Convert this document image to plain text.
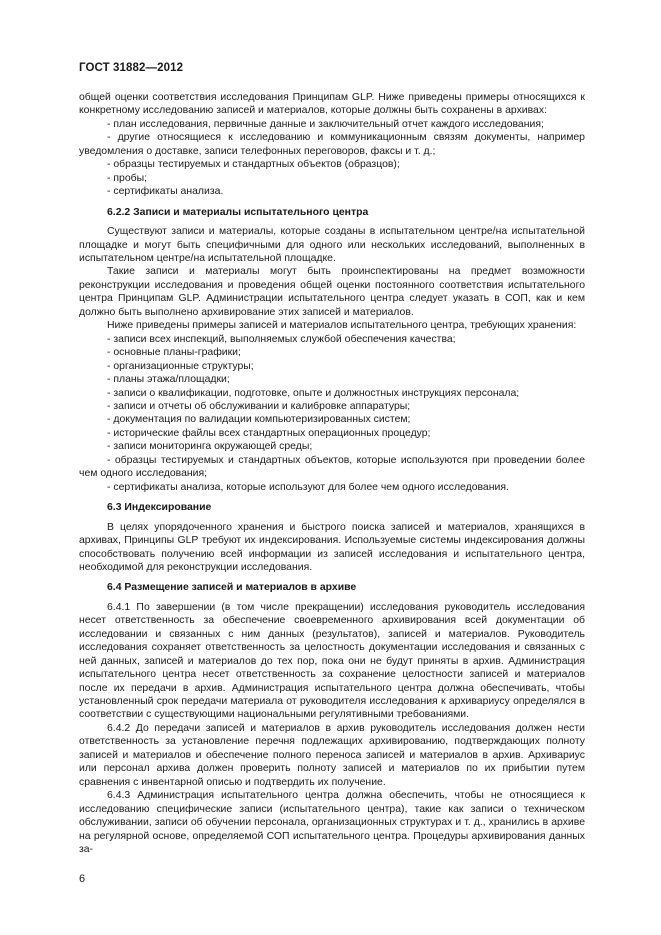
ГОСТ 31882—2012

общей оценки соответствия исследования Принципам GLP. Ниже приведены примеры относящихся к конкретному исследованию записей и материалов, которые должны быть сохранены в архивах:

- план исследования, первичные данные и заключительный отчет каждого исследования;

- другие относящиеся к исследованию и коммуникационным связям документы, например уведомления о доставке, записи телефонных переговоров, факсы и т. д.;

- образцы тестируемых и стандартных объектов (образцов);

- пробы;

- сертификаты анализа.

6.2.2 Записи и материалы испытательного центра

Существуют записи и материалы, которые созданы в испытательном центре/на испытательной площадке и могут быть специфичными для одного или нескольких исследований, выполненных в испытательном центре/на испытательной площадке.

Такие записи и материалы могут быть проинспектированы на предмет возможности реконструкции исследования и проведения общей оценки постоянного соответствия испытательного центра Принципам GLP. Администрации испытательного центра следует указать в СОП, как и кем должно быть выполнено архивирование этих записей и материалов.

Ниже приведены примеры записей и материалов испытательного центра, требующих хранения:

- записи всех инспекций, выполняемых службой обеспечения качества;

- основные планы-графики;

- организационные структуры;

- планы этажа/площадки;

- записи о квалификации, подготовке, опыте и должностных инструкциях персонала;

- записи и отчеты об обслуживании и калибровке аппаратуры;

- документация по валидации компьютеризированных систем;

- исторические файлы всех стандартных операционных процедур;

- записи мониторинга окружающей среды;

- образцы тестируемых и стандартных объектов, которые используются при проведении более чем одного исследования;

- сертификаты анализа, которые используют для более чем одного исследования.

6.3 Индексирование

В целях упорядоченного хранения и быстрого поиска записей и материалов, хранящихся в архивах, Принципы GLP требуют их индексирования. Используемые системы индексирования должны способствовать получению всей информации из записей исследования и испытательного центра, необходимой для реконструкции исследования.

6.4 Размещение записей и материалов в архиве

6.4.1 По завершении (в том числе прекращении) исследования руководитель исследования несет ответственность за обеспечение своевременного архивирования всей документации об исследовании и связанных с ним данных (результатов), записей и материалов. Руководитель исследования сохраняет ответственность за целостность документации исследования и связанных с ней данных, записей и материалов до тех пор, пока они не будут приняты в архив. Администрация испытательного центра несет ответственность за сохранение целостности записей и материалов после их передачи в архив. Администрация испытательного центра должна обеспечивать, чтобы установленный срок передачи материала от руководителя исследования к архивариусу определялся в соответствии с существующими национальными регулятивными требованиями.

6.4.2 До передачи записей и материалов в архив руководитель исследования должен нести ответственность за установление перечня подлежащих архивированию, подтверждающих полноту записей и материалов и обеспечение полного переноса записей и материалов в архив. Архивариус или персонал архива должен проверить полноту записей и материалов по их прибытии путем сравнения с инвентарной описью и подтвердить их получение.

6.4.3 Администрация испытательного центра должна обеспечить, чтобы не относящиеся к исследованию специфические записи (испытательного центра), такие как записи о техническом обслуживании, записи об обучении персонала, организационных структурах и т. д., хранились в архиве на регулярной основе, определяемой СОП испытательного центра. Процедуры архивирования данных за-

6
